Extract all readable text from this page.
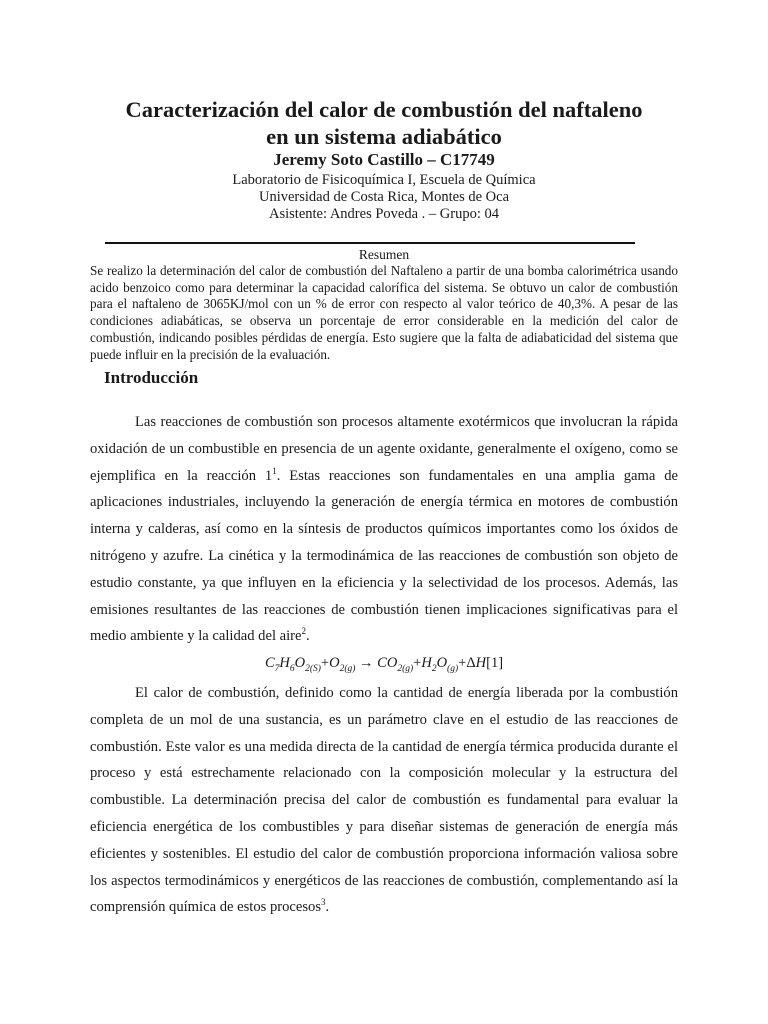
Caracterización del calor de combustión del naftaleno
en un sistema adiabático
Jeremy Soto Castillo – C17749
Laboratorio de Fisicoquímica I, Escuela de Química
Universidad de Costa Rica, Montes de Oca
Asistente: Andres Poveda . – Grupo: 04
Resumen

Se realizo la determinación del calor de combustión del Naftaleno a partir de una bomba calorimétrica usando acido benzoico como para determinar la capacidad calorífica del sistema. Se obtuvo un calor de combustión para el naftaleno de 3065KJ/mol con un % de error con respecto al valor teórico de 40,3%. A pesar de las condiciones adiabáticas, se observa un porcentaje de error considerable en la medición del calor de combustión, indicando posibles pérdidas de energía. Esto sugiere que la falta de adiabaticidad del sistema que puede influir en la precisión de la evaluación.

Introducción

Las reacciones de combustión son procesos altamente exotérmicos que involucran la rápida oxidación de un combustible en presencia de un agente oxidante, generalmente el oxígeno, como se ejemplifica en la reacción $1^1$. Estas reacciones son fundamentales en una amplia gama de aplicaciones industriales, incluyendo la generación de energía térmica en motores de combustión interna y calderas, así como en la síntesis de productos químicos importantes como los óxidos de nitrógeno y azufre. La cinética y la termodinámica de las reacciones de combustión son objeto de estudio constante, ya que influyen en la eficiencia y la selectividad de los procesos. Además, las emisiones resultantes de las reacciones de combustión tienen implicaciones significativas para el medio ambiente y la calidad del aire$^2$.

$C_7H_6O_{2(S)}+O_{2(g)} \to CO_{2(g)}+H_2O_{(g)}+\Delta H[1]$

El calor de combustión, definido como la cantidad de energía liberada por la combustión completa de un mol de una sustancia, es un parámetro clave en el estudio de las reacciones de combustión. Este valor es una medida directa de la cantidad de energía térmica producida durante el proceso y está estrechamente relacionado con la composición molecular y la estructura del combustible. La determinación precisa del calor de combustión es fundamental para evaluar la eficiencia energética de los combustibles y para diseñar sistemas de generación de energía más eficientes y sostenibles. El estudio del calor de combustión proporciona información valiosa sobre los aspectos termodinámicos y energéticos de las reacciones de combustión, complementando así la comprensión química de estos procesos$^3$.
